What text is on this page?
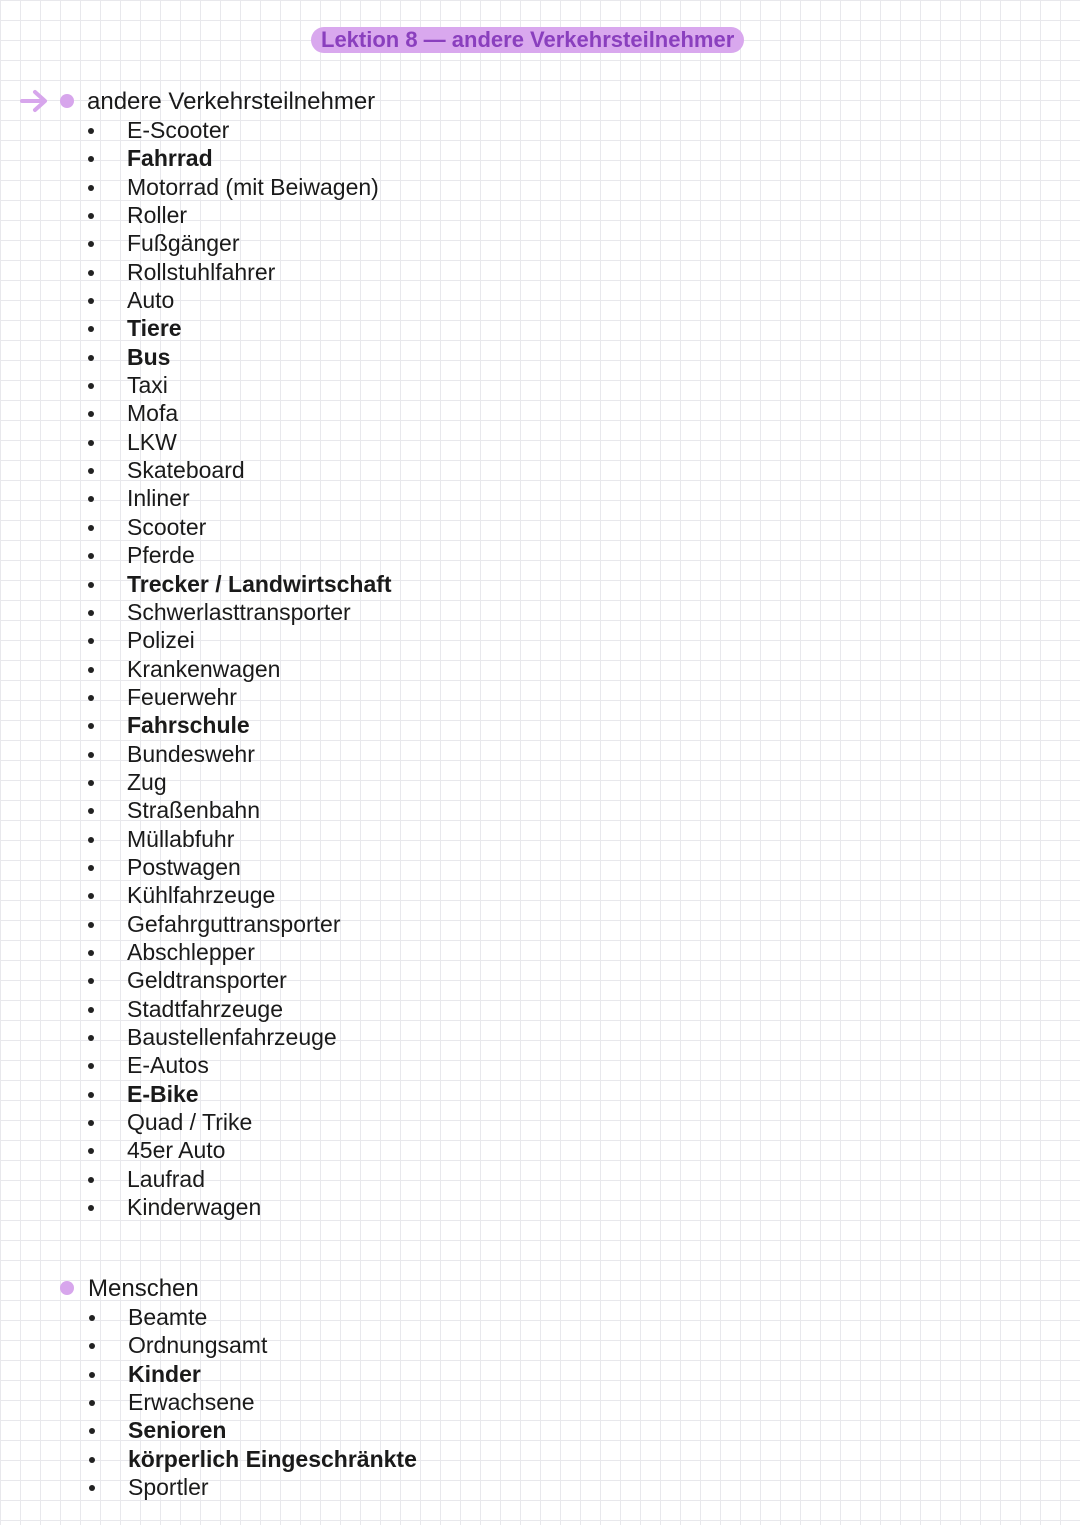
Lektion 8 — andere Verkehrsteilnehmer
andere Verkehrsteilnehmer
E-Scooter
Fahrrad
Motorrad (mit Beiwagen)
Roller
Fußgänger
Rollstuhlfahrer
Auto
Tiere
Bus
Taxi
Mofa
LKW
Skateboard
Inliner
Scooter
Pferde
Trecker / Landwirtschaft
Schwerlasttransporter
Polizei
Krankenwagen
Feuerwehr
Fahrschule
Bundeswehr
Zug
Straßenbahn
Müllabfuhr
Postwagen
Kühlfahrzeuge
Gefahrguttransporter
Abschlepper
Geldtransporter
Stadtfahrzeuge
Baustellenfahrzeuge
E-Autos
E-Bike
Quad / Trike
45er Auto
Laufrad
Kinderwagen
Menschen
Beamte
Ordnungsamt
Kinder
Erwachsene
Senioren
körperlich Eingeschränkte
Sportler
